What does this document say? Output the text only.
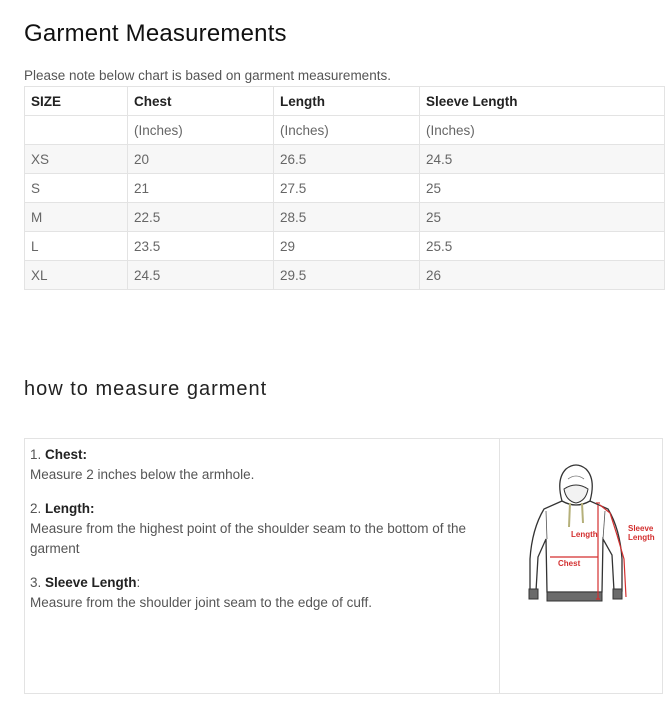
Garment Measurements
Please note below chart is based on garment measurements.
SIZE	Chest	Length	Sleeve Length
	(Inches)	(Inches)	(Inches)
XS	20	26.5	24.5
S	21	27.5	25
M	22.5	28.5	25
L	23.5	29	25.5
XL	24.5	29.5	26
how to measure garment
1. Chest:
Measure 2 inches below the armhole.
2. Length:
Measure from the highest point of the shoulder seam to the bottom of the garment
3. Sleeve Length:
Measure from the shoulder joint seam to the edge of cuff.
Length
Chest
Sleeve
Length
